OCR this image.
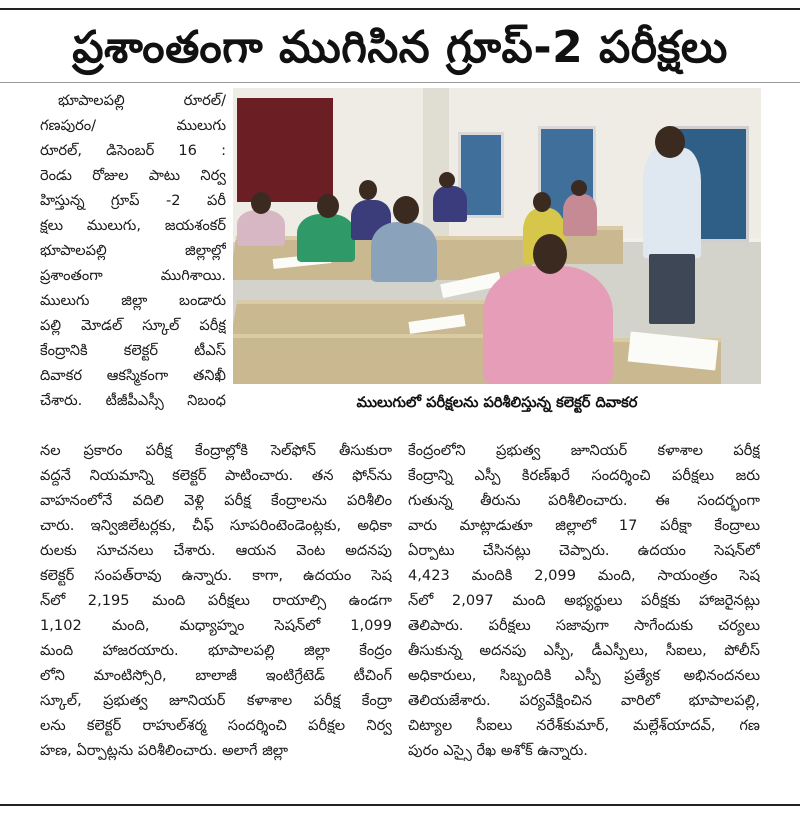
ప్రశాంతంగా ముగిసిన గ్రూప్-2 పరీక్షలు
భూపాలపల్లి రూరల్/
గణపురం/ ములుగు
రూరల్, డిసెంబర్ 16 :
రెండు రోజుల పాటు నిర్వ
హిస్తున్న గ్రూప్ -2 పరీ
క్షలు ములుగు, జయశంకర్
భూపాలపల్లి జిల్లాల్లో
ప్రశాంతంగా ముగిశాయి.
ములుగు జిల్లా బండారు
పల్లి మోడల్ స్కూల్ పరీక్ష
కేంద్రానికి కలెక్టర్ టీఎస్
దివాకర ఆకస్మికంగా తనిఖీ
చేశారు. టీజీపీఎస్సీ నిబంధ	ములుగులో పరీక్షలను పరిశీలిస్తున్న కలెక్టర్ దివాకర
నల ప్రకారం పరీక్ష కేంద్రాల్లోకి సెల్‌ఫోన్ తీసుకురా
వద్దనే నియమాన్ని కలెక్టర్ పాటించారు. తన ఫోన్‌ను
వాహనంలోనే వదిలి వెళ్లి పరీక్ష కేంద్రాలను పరిశీలిం
చారు. ఇన్విజిలేటర్లకు, చీఫ్ సూపరింటెండెంట్లకు, అధికా
రులకు సూచనలు చేశారు. ఆయన వెంట అదనపు
కలెక్టర్ సంపత్‌రావు ఉన్నారు. కాగా, ఉదయం సెష
న్‌లో 2,195 మంది పరీక్షలు రాయాల్సి ఉండగా
1,102 మంది, మధ్యాహ్నం సెషన్‌లో 1,099
మంది హాజరయారు. భూపాలపల్లి జిల్లా కేంద్రం
లోని మాంటిస్సోరి, బాలాజీ ఇంటిగ్రేటెడ్ టీచింగ్
స్కూల్, ప్రభుత్వ జూనియర్ కళాశాల పరీక్ష కేంద్రా
లను కలెక్టర్ రాహుల్‌శర్మ సందర్శించి పరీక్షల నిర్వ
హణ, ఏర్పాట్లను పరిశీలించారు. అలాగే జిల్లా
కేంద్రంలోని ప్రభుత్వ జూనియర్ కళాశాల పరీక్ష
కేంద్రాన్ని ఎస్పీ కిరణ్‌ఖరే సందర్శించి పరీక్షలు జరు
గుతున్న తీరును పరిశీలించారు. ఈ సందర్భంగా
వారు మాట్లాడుతూ జిల్లాలో 17 పరీక్షా కేంద్రాలు
ఏర్పాటు చేసినట్లు చెప్పారు. ఉదయం సెషన్‌లో
4,423 మందికి 2,099 మంది, సాయంత్రం సెష
న్‌లో 2,097 మంది అభ్యర్థులు పరీక్షకు హాజరైనట్లు
తెలిపారు. పరీక్షలు సజావుగా సాగేందుకు చర్యలు
తీసుకున్న అదనపు ఎస్పీ, డీఎస్పీలు, సీఐలు, పోలీస్
అధికారులు, సిబ్బందికి ఎస్పీ ప్రత్యేక అభినందనలు
తెలియజేశారు. పర్యవేక్షించిన వారిలో భూపాలపల్లి,
చిట్యాల సీఐలు నరేశ్‌కుమార్, మల్లేశ్‌యాదవ్, గణ
పురం ఎస్సై రేఖ అశోక్ ఉన్నారు.
